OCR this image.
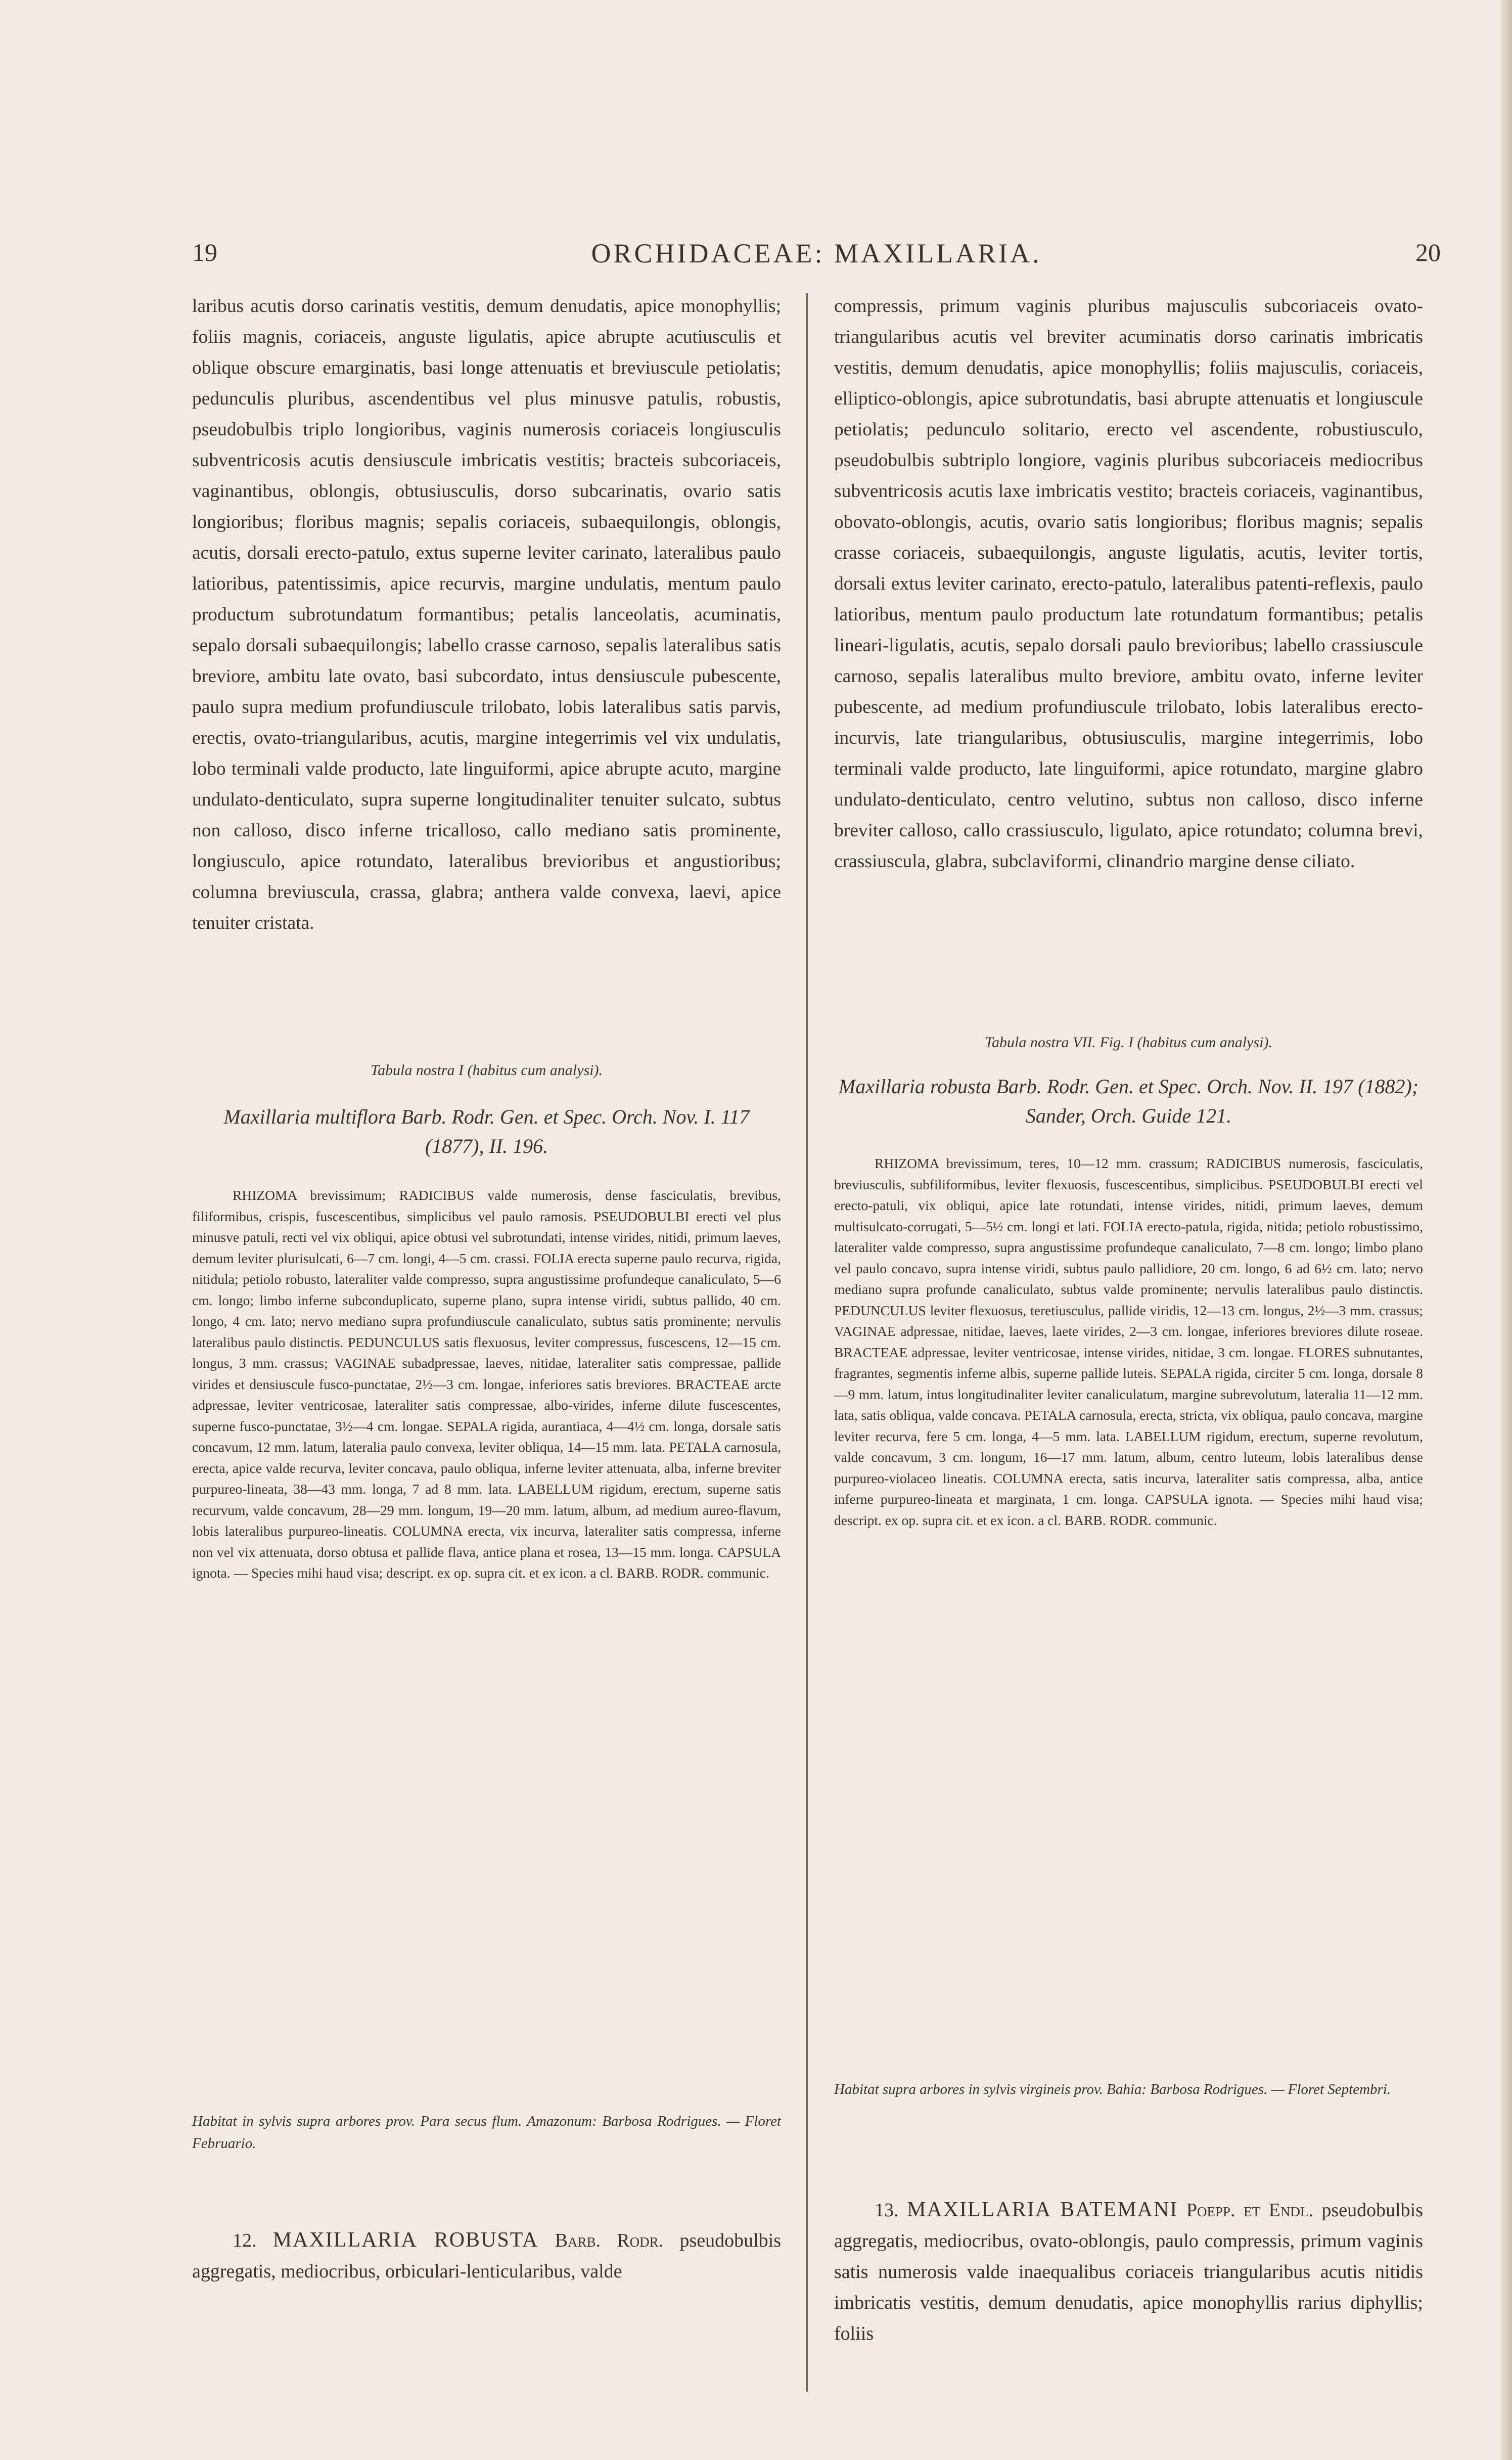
19	ORCHIDACEAE: MAXILLARIA.	20

laribus acutis dorso carinatis vestitis, demum denudatis, apice monophyllis; foliis magnis, coriaceis, anguste ligulatis, apice abrupte acutiusculis et oblique obscure emarginatis, basi longe attenuatis et breviuscule petiolatis; pedunculis pluribus, ascendentibus vel plus minusve patulis, robustis, pseudobulbis triplo longioribus, vaginis numerosis coriaceis longiusculis subventricosis acutis densiuscule imbricatis vestitis; bracteis subcoriaceis, vaginantibus, oblongis, obtusiusculis, dorso subcarinatis, ovario satis longioribus; floribus magnis; sepalis coriaceis, subaequilongis, oblongis, acutis, dorsali erecto-patulo, extus superne leviter carinato, lateralibus paulo latioribus, patentissimis, apice recurvis, margine undulatis, mentum paulo productum subrotundatum formantibus; petalis lanceolatis, acuminatis, sepalo dorsali subaequilongis; labello crasse carnoso, sepalis lateralibus satis breviore, ambitu late ovato, basi subcordato, intus densiuscule pubescente, paulo supra medium profundiuscule trilobato, lobis lateralibus satis parvis, erectis, ovato-triangularibus, acutis, margine integerrimis vel vix undulatis, lobo terminali valde producto, late linguiformi, apice abrupte acuto, margine undulato-denticulato, supra superne longitudinaliter tenuiter sulcato, subtus non calloso, disco inferne tricalloso, callo mediano satis prominente, longiusculo, apice rotundato, lateralibus brevioribus et angustioribus; columna breviuscula, crassa, glabra; anthera valde convexa, laevi, apice tenuiter cristata.

Tabula nostra I (habitus cum analysi).

Maxillaria multiflora Barb. Rodr. Gen. et Spec. Orch. Nov. I. 117 (1877), II. 196.

RHIZOMA brevissimum; RADICIBUS valde numerosis, dense fasciculatis, brevibus, filiformibus, crispis, fuscescentibus, simplicibus vel paulo ramosis. PSEUDOBULBI erecti vel plus minusve patuli, recti vel vix obliqui, apice obtusi vel subrotundati, intense virides, nitidi, primum laeves, demum leviter plurisulcati, 6—7 cm. longi, 4—5 cm. crassi. FOLIA erecta superne paulo recurva, rigida, nitidula; petiolo robusto, lateraliter valde compresso, supra angustissime profundeque canaliculato, 5—6 cm. longo; limbo inferne subconduplicato, superne plano, supra intense viridi, subtus pallido, 40 cm. longo, 4 cm. lato; nervo mediano supra profundiuscule canaliculato, subtus satis prominente; nervulis lateralibus paulo distinctis. PEDUNCULUS satis flexuosus, leviter compressus, fuscescens, 12—15 cm. longus, 3 mm. crassus; VAGINAE subadpressae, laeves, nitidae, lateraliter satis compressae, pallide virides et densiuscule fusco-punctatae, 2½—3 cm. longae, inferiores satis breviores. BRACTEAE arcte adpressae, leviter ventricosae, lateraliter satis compressae, albo-virides, inferne dilute fuscescentes, superne fusco-punctatae, 3½—4 cm. longae. SEPALA rigida, aurantiaca, 4—4½ cm. longa, dorsale satis concavum, 12 mm. latum, lateralia paulo convexa, leviter obliqua, 14—15 mm. lata. PETALA carnosula, erecta, apice valde recurva, leviter concava, paulo obliqua, inferne leviter attenuata, alba, inferne breviter purpureo-lineata, 38—43 mm. longa, 7 ad 8 mm. lata. LABELLUM rigidum, erectum, superne satis recurvum, valde concavum, 28—29 mm. longum, 19—20 mm. latum, album, ad medium aureo-flavum, lobis lateralibus purpureo-lineatis. COLUMNA erecta, vix incurva, lateraliter satis compressa, inferne non vel vix attenuata, dorso obtusa et pallide flava, antice plana et rosea, 13—15 mm. longa. CAPSULA ignota. — Species mihi haud visa; descript. ex op. supra cit. et ex icon. a cl. BARB. RODR. communic.

Habitat in sylvis supra arbores prov. Para secus flum. Amazonum: Barbosa Rodrigues. — Floret Februario.

12. MAXILLARIA ROBUSTA Barb. Rodr. pseudobulbis aggregatis, mediocribus, orbiculari-lenticularibus, valde

compressis, primum vaginis pluribus majusculis subcoriaceis ovato-triangularibus acutis vel breviter acuminatis dorso carinatis imbricatis vestitis, demum denudatis, apice monophyllis; foliis majusculis, coriaceis, elliptico-oblongis, apice subrotundatis, basi abrupte attenuatis et longiuscule petiolatis; pedunculo solitario, erecto vel ascendente, robustiusculo, pseudobulbis subtriplo longiore, vaginis pluribus subcoriaceis mediocribus subventricosis acutis laxe imbricatis vestito; bracteis coriaceis, vaginantibus, obovato-oblongis, acutis, ovario satis longioribus; floribus magnis; sepalis crasse coriaceis, subaequilongis, anguste ligulatis, acutis, leviter tortis, dorsali extus leviter carinato, erecto-patulo, lateralibus patenti-reflexis, paulo latioribus, mentum paulo productum late rotundatum formantibus; petalis lineari-ligulatis, acutis, sepalo dorsali paulo brevioribus; labello crassiuscule carnoso, sepalis lateralibus multo breviore, ambitu ovato, inferne leviter pubescente, ad medium profundiuscule trilobato, lobis lateralibus erecto-incurvis, late triangularibus, obtusiusculis, margine integerrimis, lobo terminali valde producto, late linguiformi, apice rotundato, margine glabro undulato-denticulato, centro velutino, subtus non calloso, disco inferne breviter calloso, callo crassiusculo, ligulato, apice rotundato; columna brevi, crassiuscula, glabra, subclaviformi, clinandrio margine dense ciliato.

Tabula nostra VII. Fig. I (habitus cum analysi).

Maxillaria robusta Barb. Rodr. Gen. et Spec. Orch. Nov. II. 197 (1882); Sander, Orch. Guide 121.

RHIZOMA brevissimum, teres, 10—12 mm. crassum; RADICIBUS numerosis, fasciculatis, breviusculis, subfiliformibus, leviter flexuosis, fuscescentibus, simplicibus. PSEUDOBULBI erecti vel erecto-patuli, vix obliqui, apice late rotundati, intense virides, nitidi, primum laeves, demum multisulcato-corrugati, 5—5½ cm. longi et lati. FOLIA erecto-patula, rigida, nitida; petiolo robustissimo, lateraliter valde compresso, supra angustissime profundeque canaliculato, 7—8 cm. longo; limbo plano vel paulo concavo, supra intense viridi, subtus paulo pallidiore, 20 cm. longo, 6 ad 6½ cm. lato; nervo mediano supra profunde canaliculato, subtus valde prominente; nervulis lateralibus paulo distinctis. PEDUNCULUS leviter flexuosus, teretiusculus, pallide viridis, 12—13 cm. longus, 2½—3 mm. crassus; VAGINAE adpressae, nitidae, laeves, laete virides, 2—3 cm. longae, inferiores breviores dilute roseae. BRACTEAE adpressae, leviter ventricosae, intense virides, nitidae, 3 cm. longae. FLORES subnutantes, fragrantes, segmentis inferne albis, superne pallide luteis. SEPALA rigida, circiter 5 cm. longa, dorsale 8—9 mm. latum, intus longitudinaliter leviter canaliculatum, margine subrevolutum, lateralia 11—12 mm. lata, satis obliqua, valde concava. PETALA carnosula, erecta, stricta, vix obliqua, paulo concava, margine leviter recurva, fere 5 cm. longa, 4—5 mm. lata. LABELLUM rigidum, erectum, superne revolutum, valde concavum, 3 cm. longum, 16—17 mm. latum, album, centro luteum, lobis lateralibus dense purpureo-violaceo lineatis. COLUMNA erecta, satis incurva, lateraliter satis compressa, alba, antice inferne purpureo-lineata et marginata, 1 cm. longa. CAPSULA ignota. — Species mihi haud visa; descript. ex op. supra cit. et ex icon. a cl. BARB. RODR. communic.

Habitat supra arbores in sylvis virgineis prov. Bahia: Barbosa Rodrigues. — Floret Septembri.

13. MAXILLARIA BATEMANI Poepp. et Endl. pseudobulbis aggregatis, mediocribus, ovato-oblongis, paulo compressis, primum vaginis satis numerosis valde inaequalibus coriaceis triangularibus acutis nitidis imbricatis vestitis, demum denudatis, apice monophyllis rarius diphyllis; foliis
